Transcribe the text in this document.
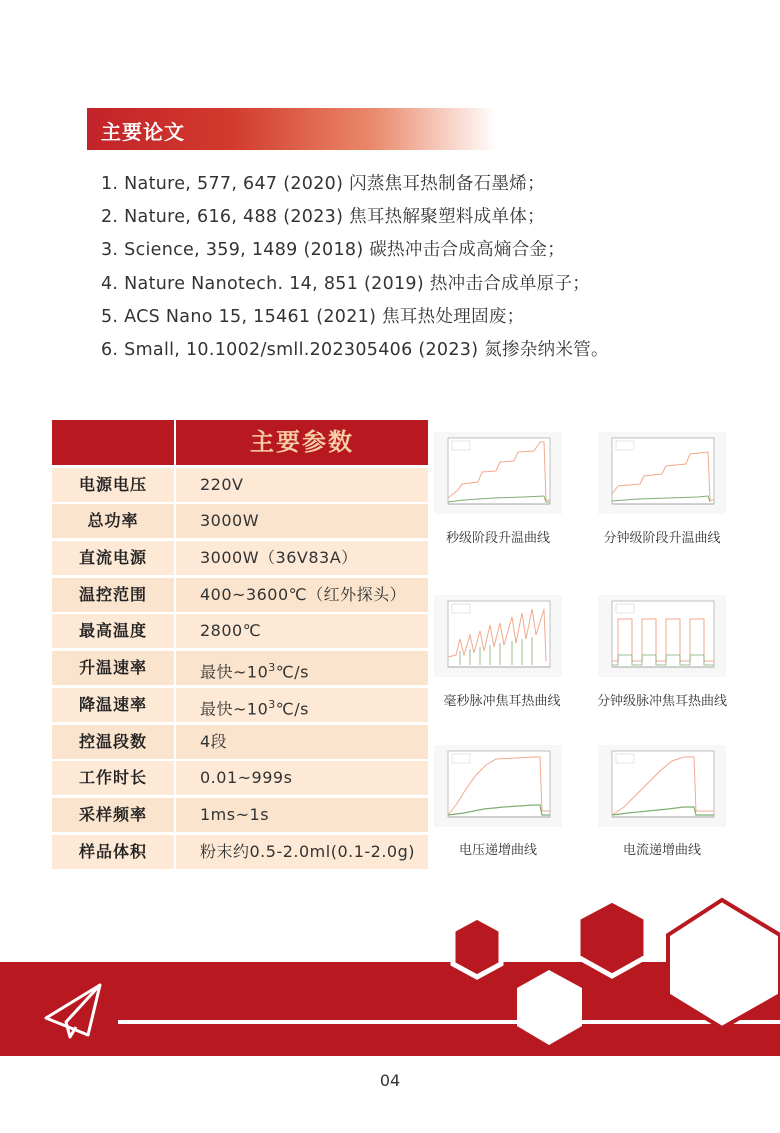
主要论文
1. Nature, 577, 647 (2020) 闪蒸焦耳热制备石墨烯；
2. Nature, 616, 488 (2023) 焦耳热解聚塑料成单体；
3. Science, 359, 1489 (2018) 碳热冲击合成高熵合金；
4. Nature Nanotech. 14, 851 (2019) 热冲击合成单原子；
5. ACS Nano 15, 15461 (2021) 焦耳热处理固废；
6. Small, 10.1002/smll.202305406 (2023) 氮掺杂纳米管。
主要参数
电源电压	220V
总功率	3000W
直流电源	3000W（36V83A）
温控范围	400~3600℃（红外探头）
最高温度	2800℃
升温速率	最快$\sim 10^3℃/s$
降温速率	最快$\sim 10^3℃/s$
控温段数	4段
工作时长	0.01~999s
采样频率	1ms~1s
样品体积	粉末约0.5-2.0ml(0.1-2.0g)
秒级阶段升温曲线	分钟级阶段升温曲线
毫秒脉冲焦耳热曲线	分钟级脉冲焦耳热曲线
电压递增曲线	电流递增曲线
04
